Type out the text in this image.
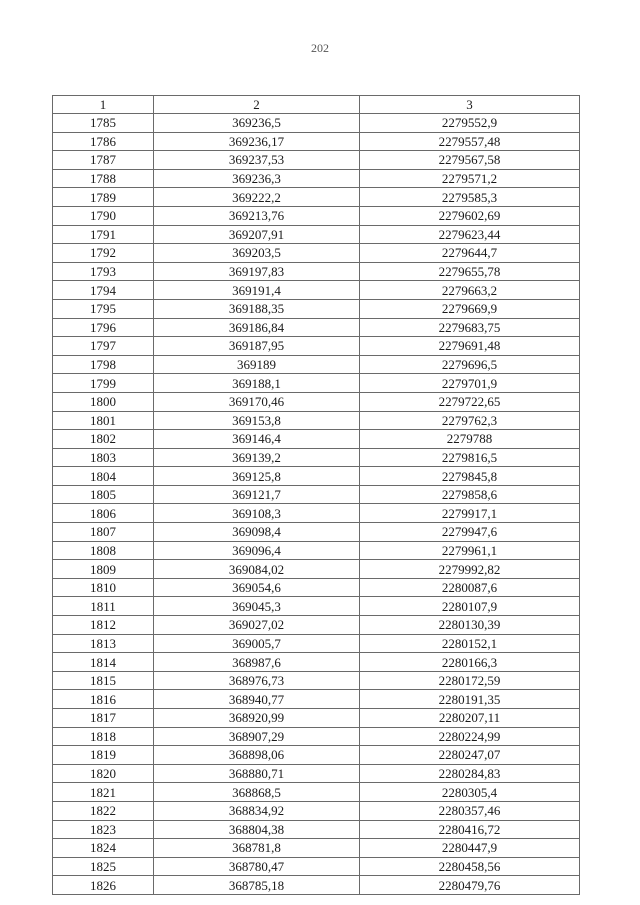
202
1	2	3
1785	369236,5	2279552,9
1786	369236,17	2279557,48
1787	369237,53	2279567,58
1788	369236,3	2279571,2
1789	369222,2	2279585,3
1790	369213,76	2279602,69
1791	369207,91	2279623,44
1792	369203,5	2279644,7
1793	369197,83	2279655,78
1794	369191,4	2279663,2
1795	369188,35	2279669,9
1796	369186,84	2279683,75
1797	369187,95	2279691,48
1798	369189	2279696,5
1799	369188,1	2279701,9
1800	369170,46	2279722,65
1801	369153,8	2279762,3
1802	369146,4	2279788
1803	369139,2	2279816,5
1804	369125,8	2279845,8
1805	369121,7	2279858,6
1806	369108,3	2279917,1
1807	369098,4	2279947,6
1808	369096,4	2279961,1
1809	369084,02	2279992,82
1810	369054,6	2280087,6
1811	369045,3	2280107,9
1812	369027,02	2280130,39
1813	369005,7	2280152,1
1814	368987,6	2280166,3
1815	368976,73	2280172,59
1816	368940,77	2280191,35
1817	368920,99	2280207,11
1818	368907,29	2280224,99
1819	368898,06	2280247,07
1820	368880,71	2280284,83
1821	368868,5	2280305,4
1822	368834,92	2280357,46
1823	368804,38	2280416,72
1824	368781,8	2280447,9
1825	368780,47	2280458,56
1826	368785,18	2280479,76
